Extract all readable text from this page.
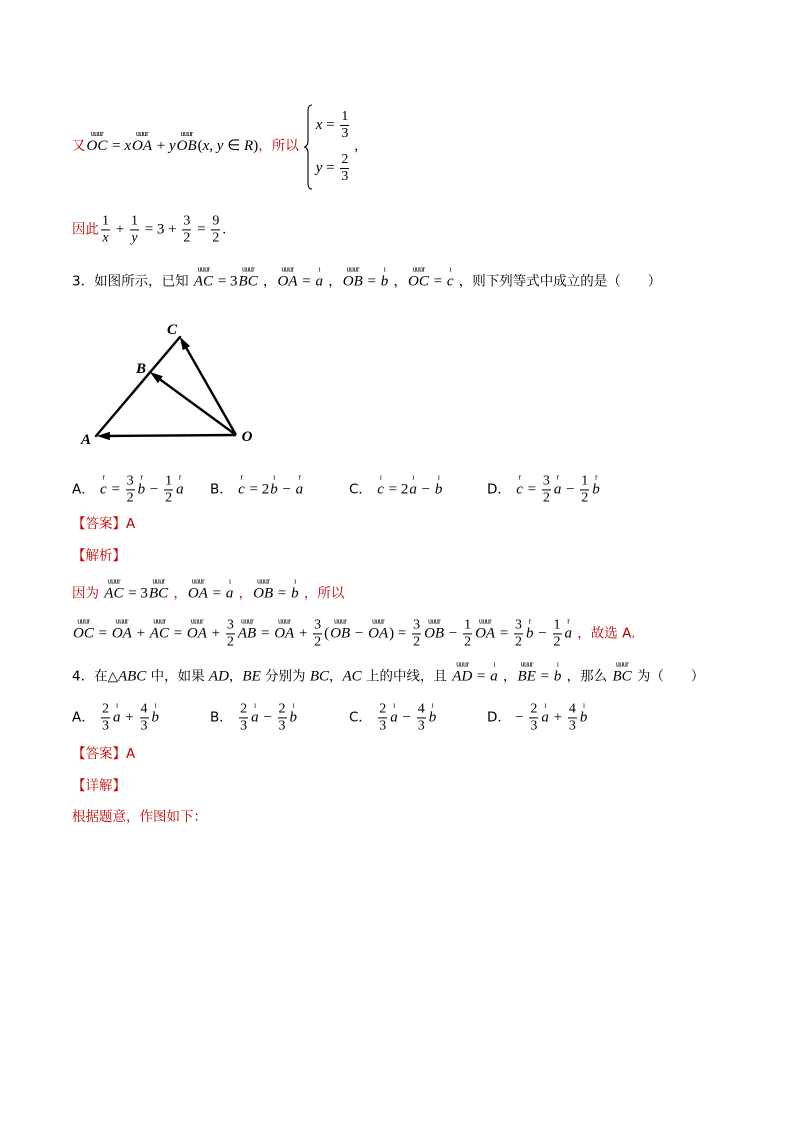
又
uuur
OC = x
uuur
OA + y
uuur
OB ( x , y ∈ R ) ，所以
$x = \frac{1}{3}$
$y = \frac{2}{3}$
,
因此 $\frac{1}{x} + \frac{1}{y} = 3 + \frac{3}{2} = \frac{9}{2}$ .
3．如图所示，已知
uuur
AC = 3
uuur
BC ，
uuur
OA =
ı
a ，
uuur
OB =
ı
b ，
uuur
OC =
ı
c ，则下列等式中成立的是（　　）
C
B
A	O
A．
r
$c = \frac{3}{2}$ r
$b - \frac{1}{2}$ r
a B．
r
c = 2
ı
b −
r
a	C．
ı
c = 2
ı
a −
ı
b	D．
r
$c = \frac{3}{2}$ r
$a - \frac{1}{2}$ r
b
【答案】A
【解析】
因为
uuur
AC = 3
uuur
BC ，
uuur
OA =
ı
a ，
uuur
OB =
ı
b ，所以
uuur
OC =
uuur
OA +
uuur
AC =
uuur
OA + $\frac{3}{2}$ uuur
AB =
uuur
OA + $\frac{3}{2}$ (
uuur
OB −
uuur
OA ) = $\frac{3}{2}$ uuur
OB − $\frac{1}{2}$ uuur
OA = $\frac{3}{2}$ r
$b - \frac{1}{2}$ r
a ，故选 A.
4．在△ ABC 中，如果 AD ， BE 分别为 BC ， AC 上的中线，且
uuur
AD =
ı
a ，
uuur
BE =
ı
b ，那么
uuur
BC 为（　　）
A． $\frac{2}{3}$ ı
$a + \frac{4}{3}$ ı
b	B． $\frac{2}{3}$ ı
$a - \frac{2}{3}$ ı
b	C． $\frac{2}{3}$ ı
$a - \frac{4}{3}$ ı
b	D． − $\frac{2}{3}$ ı
$a + \frac{4}{3}$ ı
b
【答案】A
【详解】
根据题意，作图如下：
